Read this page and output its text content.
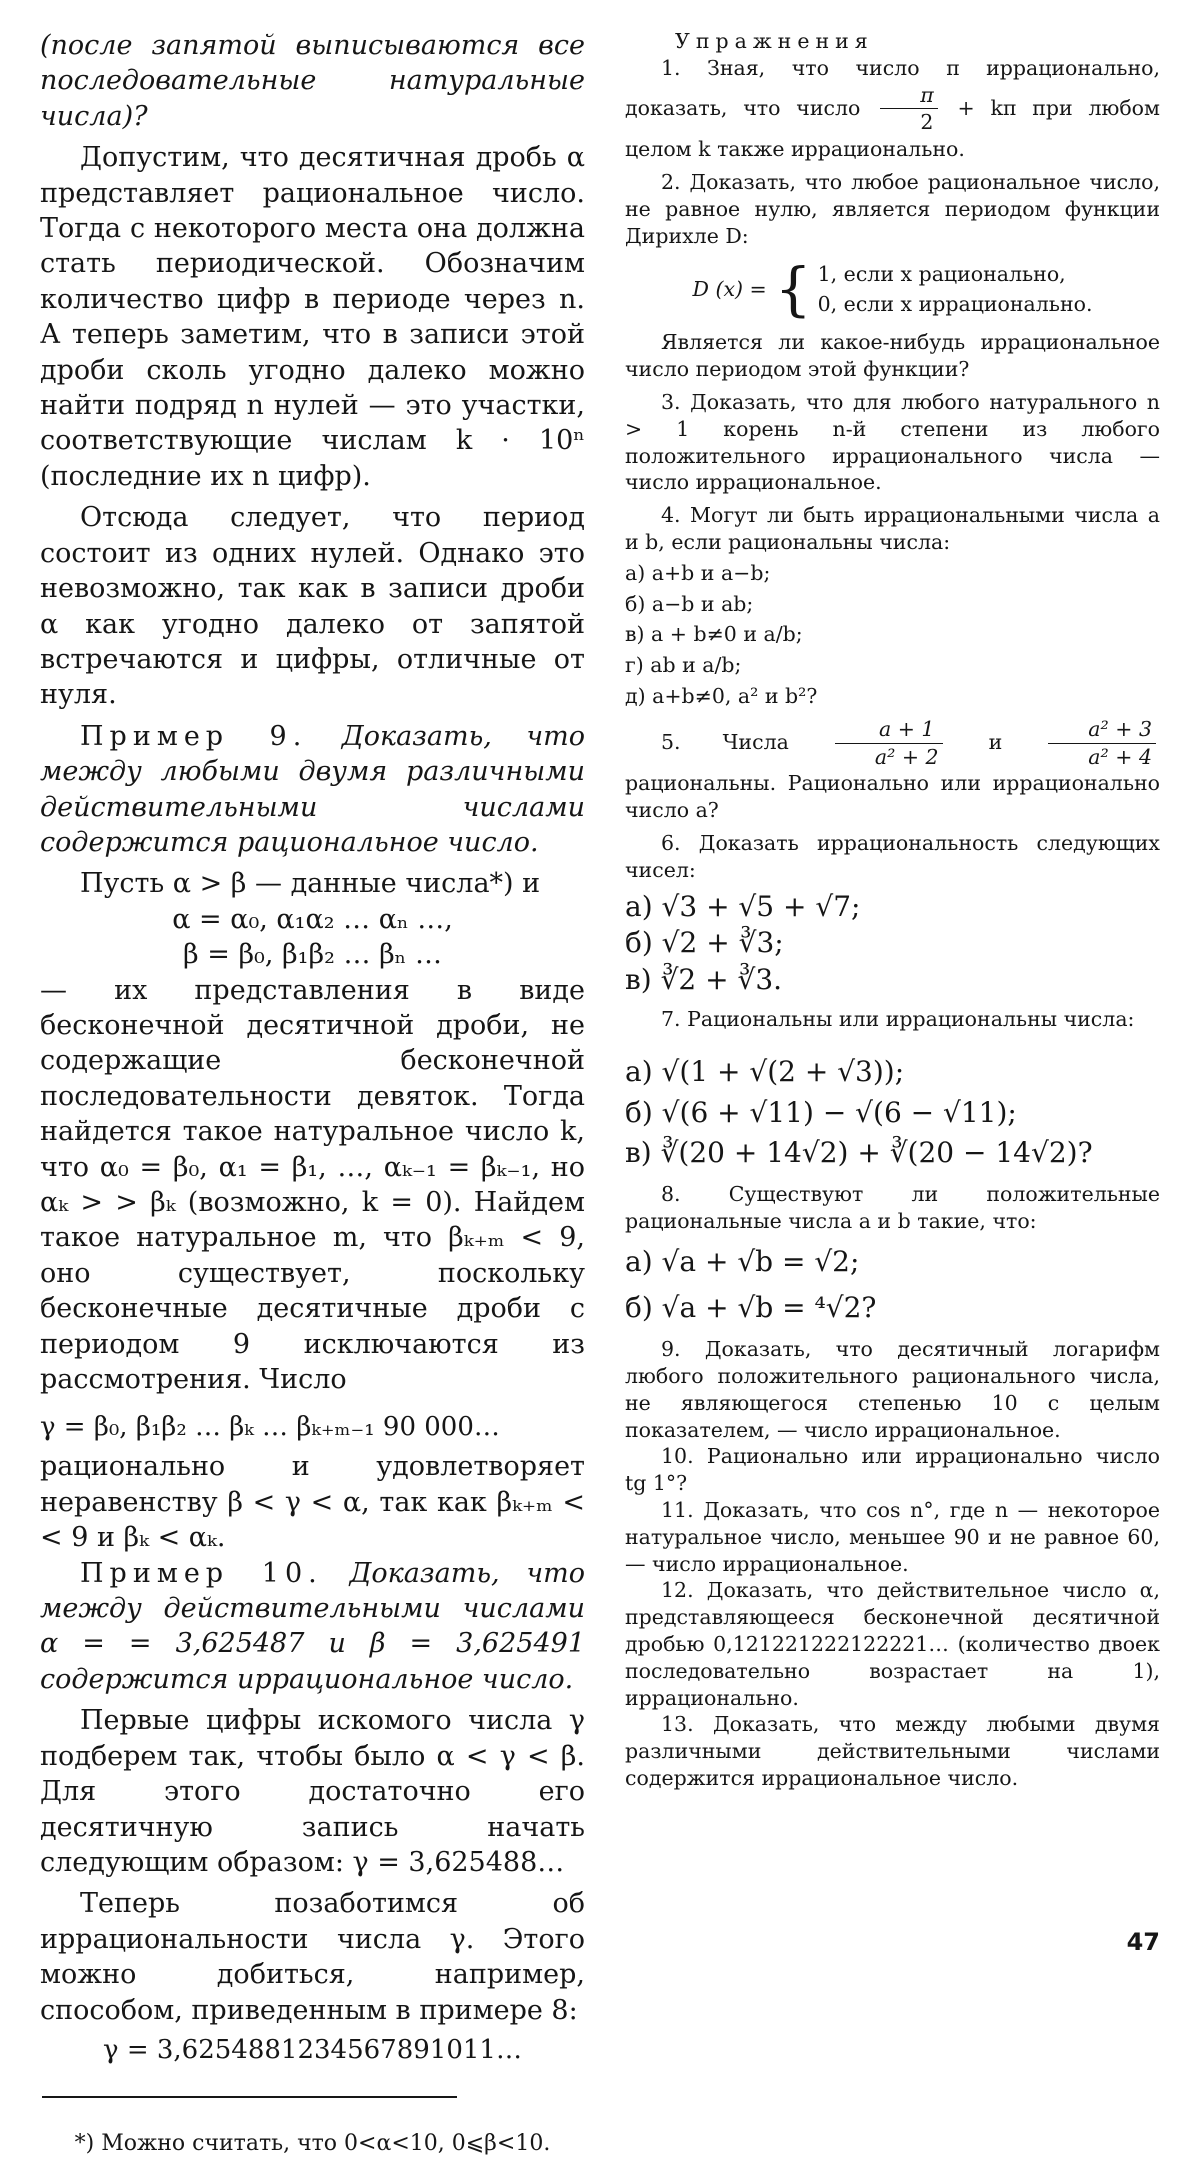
(после запятой выписываются все последовательные натуральные числа)?

Допустим, что десятичная дробь α представляет рациональное число. Тогда с некоторого места она должна стать периодической. Обозначим количество цифр в периоде через n. А теперь заметим, что в записи этой дроби сколь угодно далеко можно найти подряд n нулей — это участки, соответствующие числам k · 10ⁿ (последние их n цифр).

Отсюда следует, что период состоит из одних нулей. Однако это невозможно, так как в записи дроби α как угодно далеко от запятой встречаются и цифры, отличные от нуля.

Пример 9. Доказать, что между любыми двумя различными действительными числами содержится рациональное число.

Пусть α > β — данные числа*) и

α = α₀, α₁α₂ … αₙ …,

β = β₀, β₁β₂ … βₙ …

— их представления в виде бесконечной десятичной дроби, не содержащие бесконечной последовательности девяток. Тогда найдется такое натуральное число k, что α₀ = β₀, α₁ = β₁, …, αₖ₋₁ = βₖ₋₁, но αₖ > > βₖ (возможно, k = 0). Найдем такое натуральное m, что βₖ₊ₘ < 9, оно существует, поскольку бесконечные десятичные дроби с периодом 9 исключаются из рассмотрения. Число

γ = β₀, β₁β₂ … βₖ … βₖ₊ₘ₋₁ 90 000…

рационально и удовлетворяет неравенству β < γ < α, так как βₖ₊ₘ < < 9 и βₖ < αₖ.

Пример 10. Доказать, что между действительными числами α = = 3,625487 и β = 3,625491 содержится иррациональное число.

Первые цифры искомого числа γ подберем так, чтобы было α < γ < β. Для этого достаточно его десятичную запись начать следующим образом: γ = 3,625488…

Теперь позаботимся об иррациональности числа γ. Этого можно добиться, например, способом, приведенным в примере 8:

γ = 3,6254881234567891011…

*) Можно считать, что 0<α<10, 0⩽β<10.

Упражнения

1. Зная, что число π иррационально, доказать, что число $\frac{\pi}{2} + k\pi$ при любом целом k также иррационально.

2. Доказать, что любое рациональное число, не равное нулю, является периодом функции Дирихле D:

D (x) = { 1, если x рационально,
0, если x иррационально.

Является ли какое-нибудь иррациональное число периодом этой функции?

3. Доказать, что для любого натурального n > 1 корень n-й степени из любого положительного иррационального числа — число иррациональное.

4. Могут ли быть иррациональными числа a и b, если рациональны числа:

а) a+b и a−b;

б) a−b и ab;

в) a + b≠0 и a/b;

г) ab и a/b;

д) a+b≠0, a² и b²?

5. Числа $\frac{a + 1}{\text{a² + 2}}$ и $\frac{\text{a² + 3}}{\text{a² + 4}}$
рациональны. Рационально или иррационально число a?

6. Доказать иррациональность следующих чисел:

а) √3 + √5 + √7;

б) √2 + ∛3;

в) ∛2 + ∛3.

7. Рациональны или иррациональны числа:

а) √(1 + √(2 + √3));

б) √(6 + √11) − √(6 − √11);

в) ∛(20 + 14√2) + ∛(20 − 14√2)?

8. Существуют ли положительные рациональные числа a и b такие, что:

а) √a + √b = √2;

б) √a + √b = ⁴√2?

9. Доказать, что десятичный логарифм любого положительного рационального числа, не являющегося степенью 10 с целым показателем, — число иррациональное.

10. Рационально или иррационально число tg 1°?

11. Доказать, что cos n°, где n — некоторое натуральное число, меньшее 90 и не равное 60, — число иррациональное.

12. Доказать, что действительное число α, представляющееся бесконечной десятичной дробью 0,121221222122221… (количество двоек последовательно возрастает на 1), иррационально.

13. Доказать, что между любыми двумя различными действительными числами содержится иррациональное число.

47
